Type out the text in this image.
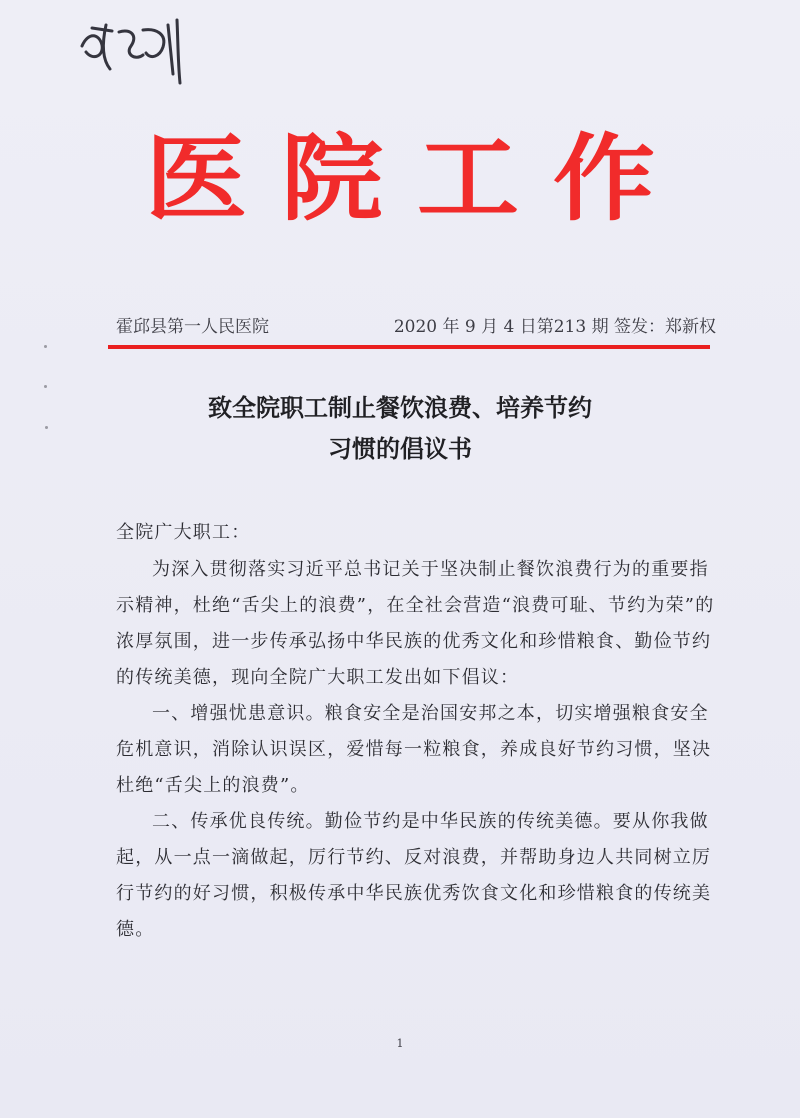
医 院 工 作
霍邱县第一人民医院	2020 年 9 月 4 日第213 期 签发：郑新权
致全院职工制止餐饮浪费、培养节约
习惯的倡议书

全院广大职工：

为深入贯彻落实习近平总书记关于坚决制止餐饮浪费行为的重要指示精神，杜绝“舌尖上的浪费”，在全社会营造“浪费可耻、节约为荣”的浓厚氛围，进一步传承弘扬中华民族的优秀文化和珍惜粮食、勤俭节约的传统美德，现向全院广大职工发出如下倡议：

一、增强忧患意识。粮食安全是治国安邦之本，切实增强粮食安全危机意识，消除认识误区，爱惜每一粒粮食，养成良好节约习惯，坚决杜绝“舌尖上的浪费”。

二、传承优良传统。勤俭节约是中华民族的传统美德。要从你我做起，从一点一滴做起，厉行节约、反对浪费，并帮助身边人共同树立厉行节约的好习惯，积极传承中华民族优秀饮食文化和珍惜粮食的传统美德。

1
